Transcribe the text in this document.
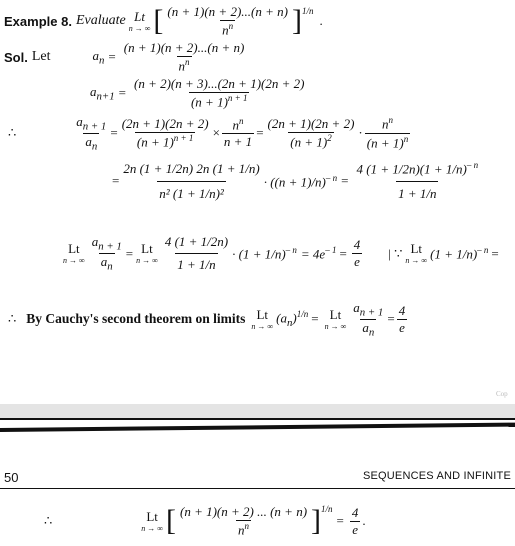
Example 8. Evaluate Lt
n → ∞ [ $\frac{(n + 1)(n + 2)...(n + n)}{n^n} ]^{1/n}$
.
Sol. Let	$a_n = \frac{(n + 1)(n + 2)...(n + n)}{n^n}$
$a_{n+1} = \frac{(n + 2)(n + 3)...(2n + 1)(2n + 2)}{(n + 1)^{n + 1}}$
∴	$\frac{a_{n + 1}}{a_n} = \frac{(2n + 1)(2n + 2)}{(n + 1)^{n + 1}} \times \frac{n^n}{n + 1} = \frac{(2n + 1)(2n + 2)}{(n + 1)^2} \cdot \frac{n^n}{(n + 1)^n}$
= $\frac{2n (1 + 1/2n) 2n (1 + 1/n)}{\text{n² (1 + 1/n)²}} \cdot ((n + 1)/n)^{- n} = \frac{4 (1 + 1/2n)(1 + 1/n)^{- n}}{1 + 1/n}$
Lt
n → ∞ $\frac{a_{n + 1}}{a_n} = Lt$
n → ∞ $\frac{4 (1 + 1/2n)}{1 + 1/n} \cdot (1 + 1/n)^{- n} = 4e^{- 1} = \frac{4}{e}$ | ∵ Lt
n → ∞ $(1 + 1/n)^{- n}$ =
∴ By Cauchy's second theorem on limits Lt
n → ∞
$(a_n)^{1/n} = Lt$
n → ∞ $\frac{a_{n + 1}}{a_n} = \frac{4}{e}$
Cop
50	SEQUENCES AND INFINITE
∴	Lt
n → ∞ [ $\frac{(n + 1)(n + 2) ... (n + n)}{n^n} ]^{1/n}$
= $\frac{4}{e}$ .
